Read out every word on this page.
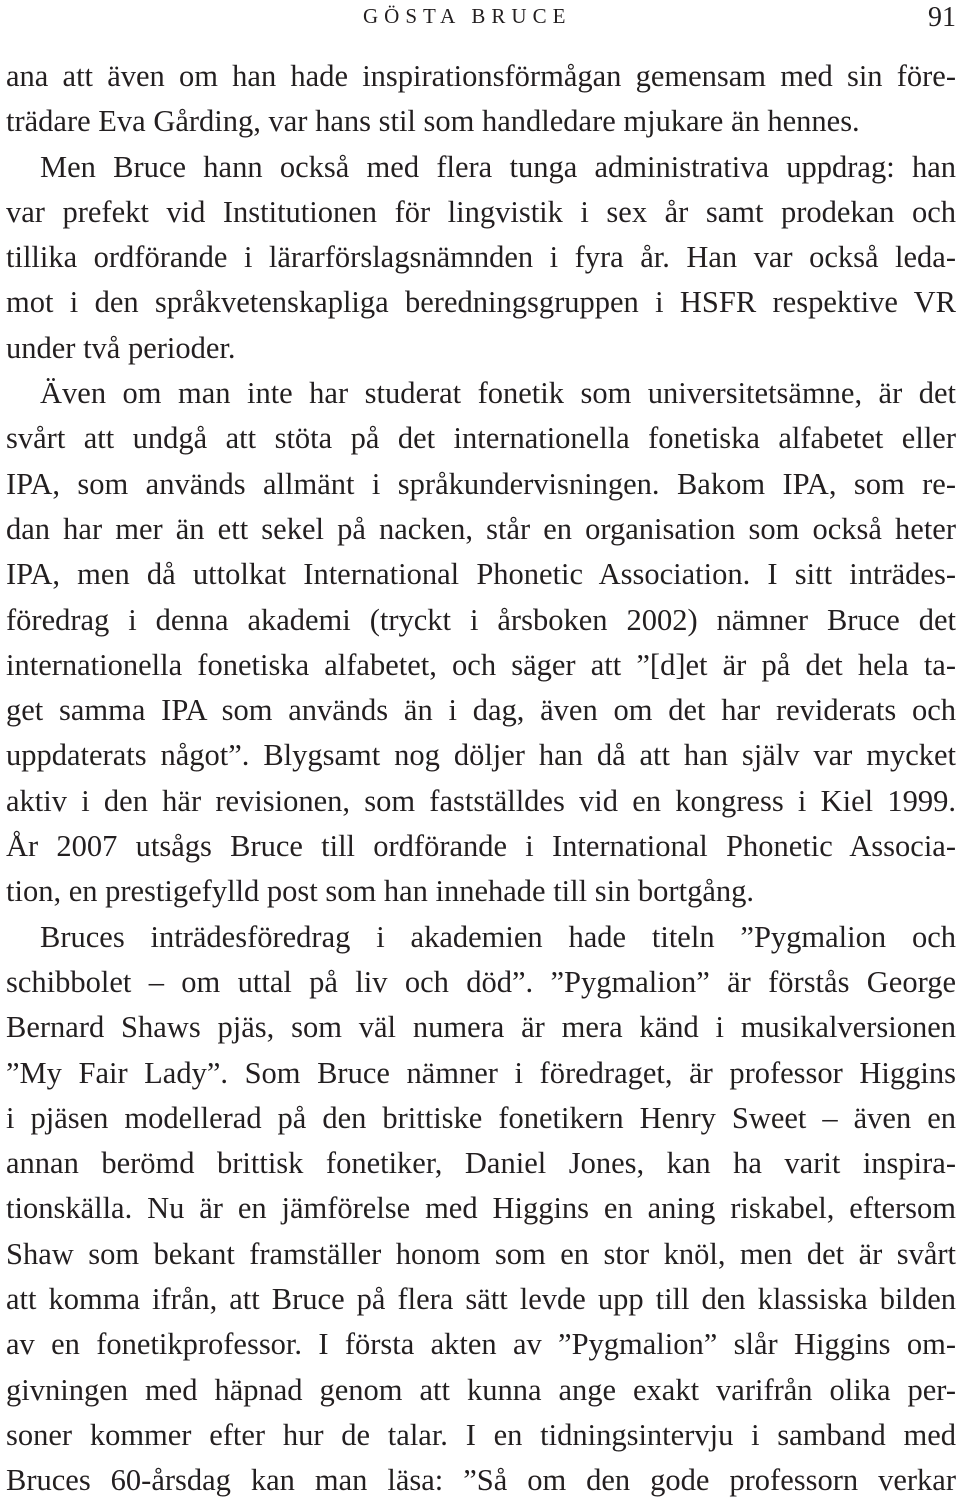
GÖSTA BRUCE	91
ana att även om han hade inspirationsförmågan gemensam med sin före-
trädare Eva Gårding, var hans stil som handledare mjukare än hennes.
Men Bruce hann också med flera tunga administrativa uppdrag: han
var prefekt vid Institutionen för lingvistik i sex år samt prodekan och
tillika ordförande i lärarförslagsnämnden i fyra år. Han var också leda-
mot i den språkvetenskapliga beredningsgruppen i HSFR respektive VR
under två perioder.
Även om man inte har studerat fonetik som universitetsämne, är det
svårt att undgå att stöta på det internationella fonetiska alfabetet eller
IPA, som används allmänt i språkundervisningen. Bakom IPA, som re-
dan har mer än ett sekel på nacken, står en organisation som också heter
IPA, men då uttolkat International Phonetic Association. I sitt inträdes-
föredrag i denna akademi (tryckt i årsboken 2002) nämner Bruce det
internationella fonetiska alfabetet, och säger att ”[d]et är på det hela ta-
get samma IPA som används än i dag, även om det har reviderats och
uppdaterats något”. Blygsamt nog döljer han då att han själv var mycket
aktiv i den här revisionen, som fastställdes vid en kongress i Kiel 1999.
År 2007 utsågs Bruce till ordförande i International Phonetic Associa-
tion, en prestigefylld post som han innehade till sin bortgång.
Bruces inträdesföredrag i akademien hade titeln ”Pygmalion och
schibbolet – om uttal på liv och död”. ”Pygmalion” är förstås George
Bernard Shaws pjäs, som väl numera är mera känd i musikalversionen
”My Fair Lady”. Som Bruce nämner i föredraget, är professor Higgins
i pjäsen modellerad på den brittiske fonetikern Henry Sweet – även en
annan berömd brittisk fonetiker, Daniel Jones, kan ha varit inspira-
tionskälla. Nu är en jämförelse med Higgins en aning riskabel, eftersom
Shaw som bekant framställer honom som en stor knöl, men det är svårt
att komma ifrån, att Bruce på flera sätt levde upp till den klassiska bilden
av en fonetikprofessor. I första akten av ”Pygmalion” slår Higgins om-
givningen med häpnad genom att kunna ange exakt varifrån olika per-
soner kommer efter hur de talar. I en tidningsintervju i samband med
Bruces 60-årsdag kan man läsa: ”Så om den gode professorn verkar
